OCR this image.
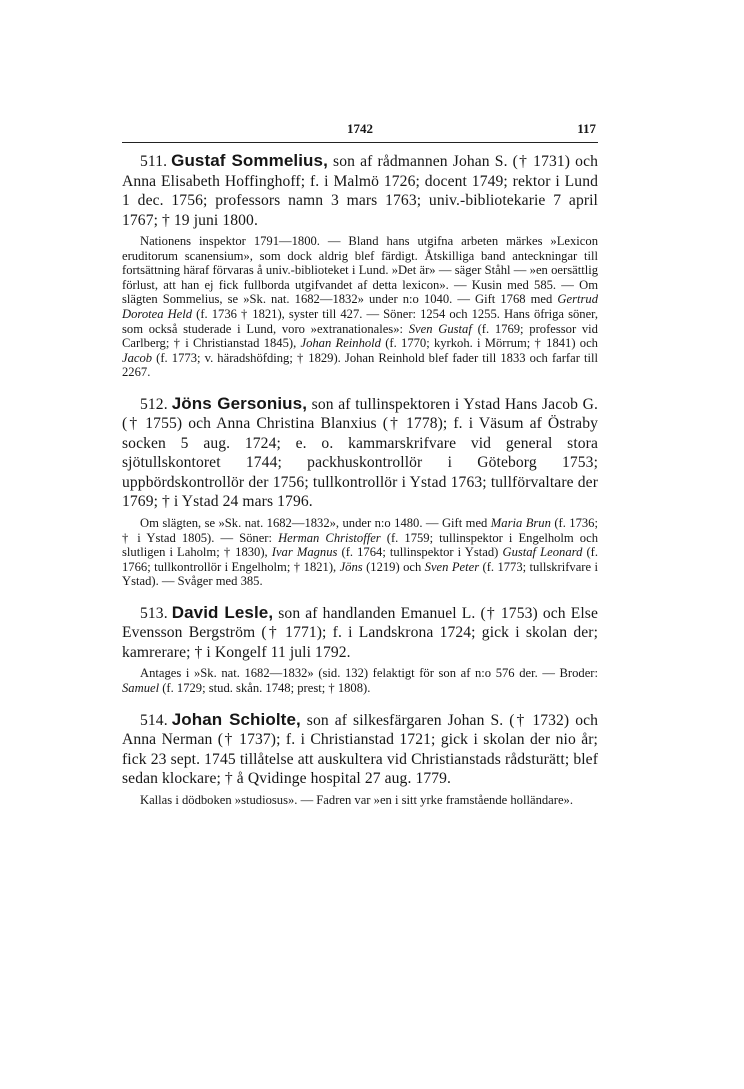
1742	117

511. Gustaf Sommelius, son af rådmannen Johan S. († 1731) och Anna Elisabeth Hoffinghoff; f. i Malmö 1726; docent 1749; rektor i Lund 1 dec. 1756; professors namn 3 mars 1763; univ.-bibliotekarie 7 april 1767; † 19 juni 1800.

Nationens inspektor 1791—1800. — Bland hans utgifna arbeten märkes »Lexicon eruditorum scanensium», som dock aldrig blef färdigt. Åtskilliga band anteckningar till fortsättning häraf förvaras å univ.-biblioteket i Lund. »Det är» — säger Ståhl — »en oersättlig förlust, att han ej fick fullborda utgifvandet af detta lexicon». — Kusin med 585. — Om slägten Sommelius, se »Sk. nat. 1682—1832» under n:o 1040. — Gift 1768 med Gertrud Dorotea Held (f. 1736 † 1821), syster till 427. — Söner: 1254 och 1255. Hans öfriga söner, som också studerade i Lund, voro »extranationales»: Sven Gustaf (f. 1769; professor vid Carlberg; † i Christianstad 1845), Johan Reinhold (f. 1770; kyrkoh. i Mörrum; † 1841) och Jacob (f. 1773; v. häradshöfding; † 1829). Johan Reinhold blef fader till 1833 och farfar till 2267.

512. Jöns Gersonius, son af tullinspektoren i Ystad Hans Jacob G. († 1755) och Anna Christina Blanxius († 1778); f. i Väsum af Östraby socken 5 aug. 1724; e. o. kammarskrifvare vid general stora sjötullskontoret 1744; packhuskontrollör i Göteborg 1753; uppbördskontrollör der 1756; tullkontrollör i Ystad 1763; tullförvaltare der 1769; † i Ystad 24 mars 1796.

Om slägten, se »Sk. nat. 1682—1832», under n:o 1480. — Gift med Maria Brun (f. 1736; † i Ystad 1805). — Söner: Herman Christoffer (f. 1759; tullinspektor i Engelholm och slutligen i Laholm; † 1830), Ivar Magnus (f. 1764; tullinspektor i Ystad) Gustaf Leonard (f. 1766; tullkontrollör i Engelholm; † 1821), Jöns (1219) och Sven Peter (f. 1773; tullskrifvare i Ystad). — Svåger med 385.

513. David Lesle, son af handlanden Emanuel L. († 1753) och Else Evensson Bergström († 1771); f. i Landskrona 1724; gick i skolan der; kamrerare; † i Kongelf 11 juli 1792.

Antages i »Sk. nat. 1682—1832» (sid. 132) felaktigt för son af n:o 576 der. — Broder: Samuel (f. 1729; stud. skån. 1748; prest; † 1808).

514. Johan Schiolte, son af silkesfärgaren Johan S. († 1732) och Anna Nerman († 1737); f. i Christianstad 1721; gick i skolan der nio år; fick 23 sept. 1745 tillåtelse att auskultera vid Christianstads rådsturätt; blef sedan klockare; † å Qvidinge hospital 27 aug. 1779.

Kallas i dödboken »studiosus». — Fadren var »en i sitt yrke framstående holländare».
